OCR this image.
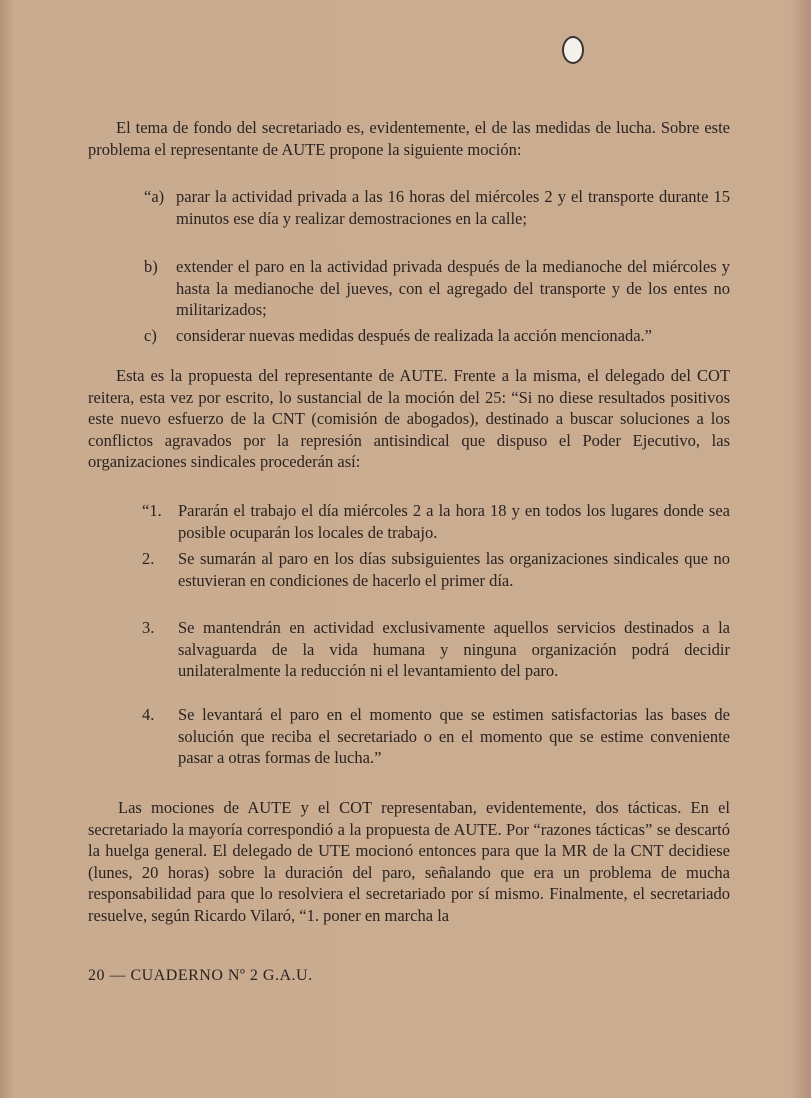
El tema de fondo del secretariado es, evidentemente, el de las medidas de lucha. Sobre este problema el representante de AUTE propone la siguiente moción:

“a) parar la actividad privada a las 16 horas del miércoles 2 y el transporte durante 15 minutos ese día y realizar demostraciones en la calle;
b) extender el paro en la actividad privada después de la medianoche del miércoles y hasta la medianoche del jueves, con el agregado del transporte y de los entes no militarizados;
c) considerar nuevas medidas después de realizada la acción mencionada.”

Esta es la propuesta del representante de AUTE. Frente a la misma, el delegado del COT reitera, esta vez por escrito, lo sustancial de la moción del 25: “Si no diese resultados positivos este nuevo esfuerzo de la CNT (comisión de abogados), destinado a buscar soluciones a los conflictos agravados por la represión antisindical que dispuso el Poder Ejecutivo, las organizaciones sindicales procederán así:

“1. Pararán el trabajo el día miércoles 2 a la hora 18 y en todos los lugares donde sea posible ocuparán los locales de trabajo.
2. Se sumarán al paro en los días subsiguientes las organizaciones sindicales que no estuvieran en condiciones de hacerlo el primer día.
3. Se mantendrán en actividad exclusivamente aquellos servicios destinados a la salvaguarda de la vida humana y ninguna organización podrá decidir unilateralmente la reducción ni el levantamiento del paro.
4. Se levantará el paro en el momento que se estimen satisfactorias las bases de solución que reciba el secretariado o en el momento que se estime conveniente pasar a otras formas de lucha.”

Las mociones de AUTE y el COT representaban, evidentemente, dos tácticas. En el secretariado la mayoría correspondió a la propuesta de AUTE. Por “razones tácticas” se descartó la huelga general. El delegado de UTE mocionó entonces para que la MR de la CNT decidiese (lunes, 20 horas) sobre la duración del paro, señalando que era un problema de mucha responsabilidad para que lo resolviera el secretariado por sí mismo. Finalmente, el secretariado resuelve, según Ricardo Vilaró, “1. poner en marcha la

20 — CUADERNO Nº 2 G.A.U.
